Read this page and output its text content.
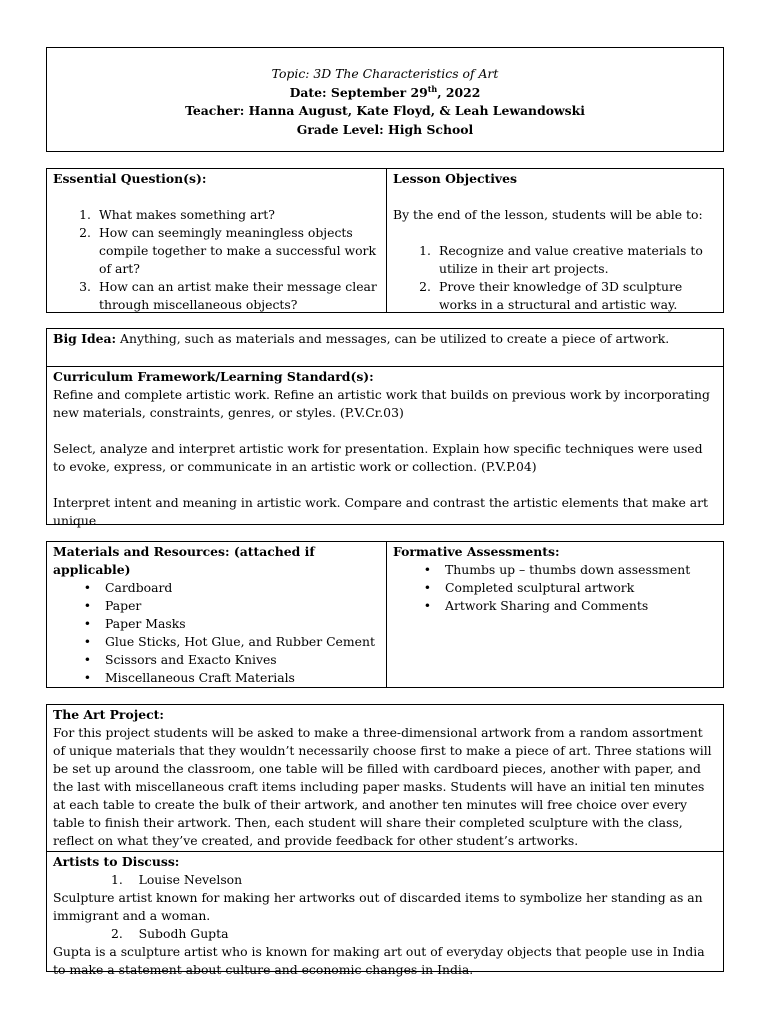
Topic: 3D The Characteristics of Art
Date: September 29th, 2022
Teacher: Hanna August, Kate Floyd, & Leah Lewandowski
Grade Level: High School
Essential Question(s):
1. What makes something art?
2. How can seemingly meaningless objects compile together to make a successful work of art?
3. How can an artist make their message clear through miscellaneous objects?
Lesson Objectives
By the end of the lesson, students will be able to:
1. Recognize and value creative materials to utilize in their art projects.
2. Prove their knowledge of 3D sculpture works in a structural and artistic way.
Big Idea: Anything, such as materials and messages, can be utilized to create a piece of artwork.
Curriculum Framework/Learning Standard(s):

Refine and complete artistic work. Refine an artistic work that builds on previous work by incorporating new materials, constraints, genres, or styles. (P.V.Cr.03)

Select, analyze and interpret artistic work for presentation. Explain how specific techniques were used to evoke, express, or communicate in an artistic work or collection. (P.V.P.04)

Interpret intent and meaning in artistic work. Compare and contrast the artistic elements that make art unique

Materials and Resources: (attached if applicable)
•	Cardboard
•	Paper
•	Paper Masks
•	Glue Sticks, Hot Glue, and Rubber Cement
•	Scissors and Exacto Knives
•	Miscellaneous Craft Materials
Formative Assessments:
•	Thumbs up – thumbs down assessment
•	Completed sculptural artwork
•	Artwork Sharing and Comments
The Art Project:

For this project students will be asked to make a three-dimensional artwork from a random assortment of unique materials that they wouldn’t necessarily choose first to make a piece of art. Three stations will be set up around the classroom, one table will be filled with cardboard pieces, another with paper, and the last with miscellaneous craft items including paper masks. Students will have an initial ten minutes at each table to create the bulk of their artwork, and another ten minutes will free choice over every table to finish their artwork. Then, each student will share their completed sculpture with the class, reflect on what they’ve created, and provide feedback for other student’s artworks.

Artists to Discuss:
1. Louise Nevelson

Sculpture artist known for making her artworks out of discarded items to symbolize her standing as an immigrant and a woman.

2. Subodh Gupta

Gupta is a sculpture artist who is known for making art out of everyday objects that people use in India to make a statement about culture and economic changes in India.
